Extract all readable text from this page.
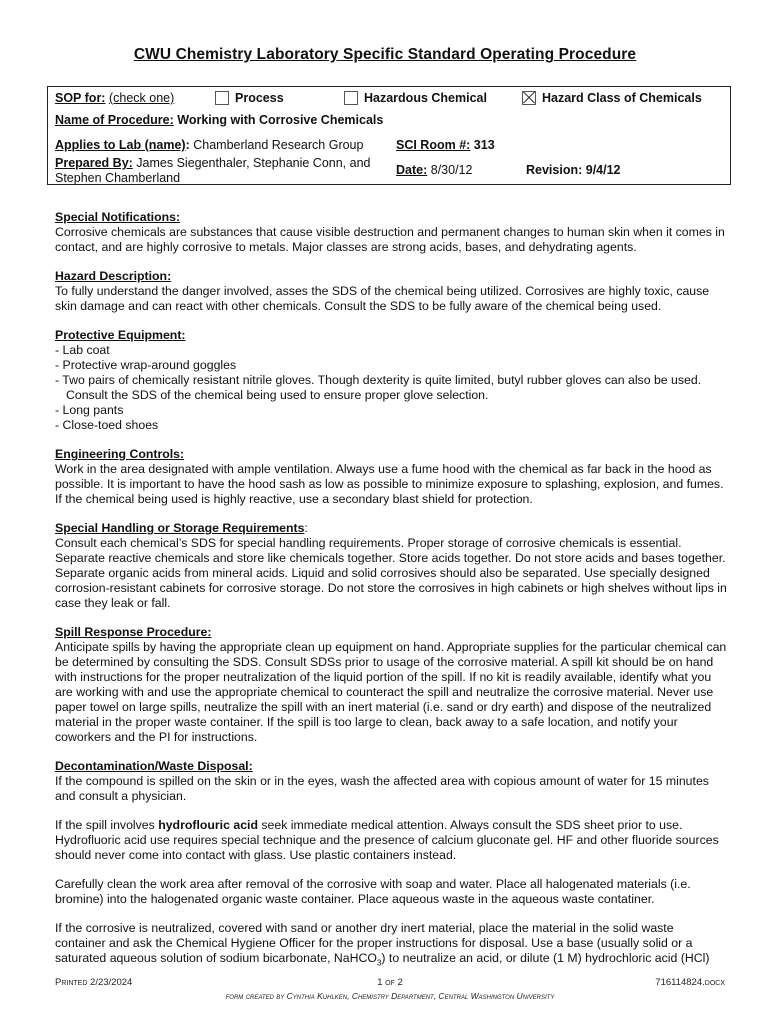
CWU Chemistry Laboratory Specific Standard Operating Procedure
SOP for: (check one)	Process	Hazardous Chemical	Hazard Class of Chemicals
Name of Procedure: Working with Corrosive Chemicals
Applies to Lab (name): Chamberland Research Group	SCI Room #: 313
Prepared By: James Siegenthaler, Stephanie Conn, and
Stephen Chamberland
Date: 8/30/12	Revision: 9/4/12
Special Notifications:

Corrosive chemicals are substances that cause visible destruction and permanent changes to human skin when it comes in contact, and are highly corrosive to metals. Major classes are strong acids, bases, and dehydrating agents.

Hazard Description:

To fully understand the danger involved, asses the SDS of the chemical being utilized. Corrosives are highly toxic, cause skin damage and can react with other chemicals. Consult the SDS to be fully aware of the chemical being used.

Protective Equipment:
- Lab coat
- Protective wrap-around goggles
- Two pairs of chemically resistant nitrile gloves. Though dexterity is quite limited, butyl rubber gloves can also be used. Consult the SDS of the chemical being used to ensure proper glove selection.
- Long pants
- Close-toed shoes
Engineering Controls:

Work in the area designated with ample ventilation. Always use a fume hood with the chemical as far back in the hood as possible. It is important to have the hood sash as low as possible to minimize exposure to splashing, explosion, and fumes. If the chemical being used is highly reactive, use a secondary blast shield for protection.

Special Handling or Storage Requirements:

Consult each chemical’s SDS for special handling requirements. Proper storage of corrosive chemicals is essential. Separate reactive chemicals and store like chemicals together. Store acids together. Do not store acids and bases together. Separate organic acids from mineral acids. Liquid and solid corrosives should also be separated. Use specially designed corrosion-resistant cabinets for corrosive storage. Do not store the corrosives in high cabinets or high shelves without lips in case they leak or fall.

Spill Response Procedure:

Anticipate spills by having the appropriate clean up equipment on hand. Appropriate supplies for the particular chemical can be determined by consulting the SDS. Consult SDSs prior to usage of the corrosive material. A spill kit should be on hand with instructions for the proper neutralization of the liquid portion of the spill. If no kit is readily available, identify what you are working with and use the appropriate chemical to counteract the spill and neutralize the corrosive material. Never use paper towel on large spills, neutralize the spill with an inert material (i.e. sand or dry earth) and dispose of the neutralized material in the proper waste container. If the spill is too large to clean, back away to a safe location, and notify your coworkers and the PI for instructions.

Decontamination/Waste Disposal:

If the compound is spilled on the skin or in the eyes, wash the affected area with copious amount of water for 15 minutes and consult a physician.

If the spill involves hydroflouric acid seek immediate medical attention. Always consult the SDS sheet prior to use. Hydrofluoric acid use requires special technique and the presence of calcium gluconate gel. HF and other fluoride sources should never come into contact with glass. Use plastic containers instead.

Carefully clean the work area after removal of the corrosive with soap and water. Place all halogenated materials (i.e. bromine) into the halogenated organic waste container. Place aqueous waste in the aqueous waste contatiner.

If the corrosive is neutralized, covered with sand or another dry inert material, place the material in the solid waste container and ask the Chemical Hygiene Officer for the proper instructions for disposal. Use a base (usually solid or a saturated aqueous solution of sodium bicarbonate, NaHCO$_3$) to neutralize an acid, or dilute (1 M) hydrochloric acid (HCl)

Printed 2/23/2024	1 of 2	716114824.docx
form created by Cynthia Kuhlken, Chemistry Department, Central Washington University
